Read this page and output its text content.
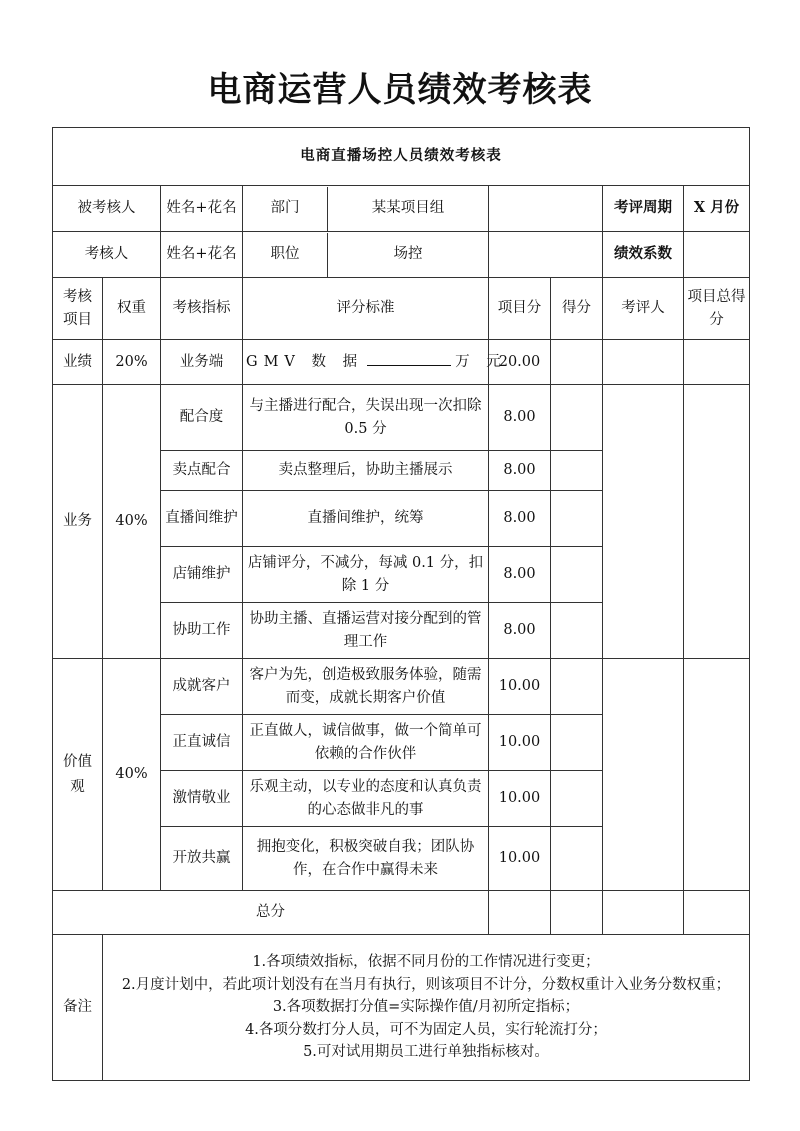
电商运营人员绩效考核表
电商直播场控人员绩效考核表							
被考核人		姓名+花名	部门 某某项目组			考评周期	X 月份
考核人		姓名+花名	职位 场控			绩效系数	
考核项目	权重	考核指标	评分标准	项目分	得分	考评人	项目总得分
业绩	20%	业务端	GMV 数 据 万 元	20.00			
业务	40%	配合度	与主播进行配合，失误出现一次扣除 0.5 分	8.00			
		卖点配合	卖点整理后，协助主播展示	8.00			
		直播间维护	直播间维护，统筹	8.00			
		店铺维护	店铺评分，不减分，每减 0.1 分，扣除 1 分	8.00			
		协助工作	协助主播、直播运营对接分配到的管理工作	8.00			
价值观	40%	成就客户	客户为先，创造极致服务体验，随需而变，成就长期客户价值	10.00			
		正直诚信	正直做人，诚信做事，做一个简单可依赖的合作伙伴	10.00			
		激情敬业	乐观主动，以专业的态度和认真负责的心态做非凡的事	10.00			
		开放共赢	拥抱变化，积极突破自我；团队协作，在合作中赢得未来	10.00			
总分							
备注	1.各项绩效指标，依据不同月份的工作情况进行变更；
2.月度计划中，若此项计划没有在当月有执行，则该项目不计分，分数权重计入业务分数权重；
3.各项数据打分值=实际操作值/月初所定指标；
4.各项分数打分人员，可不为固定人员，实行轮流打分；
5.可对试用期员工进行单独指标核对。						
